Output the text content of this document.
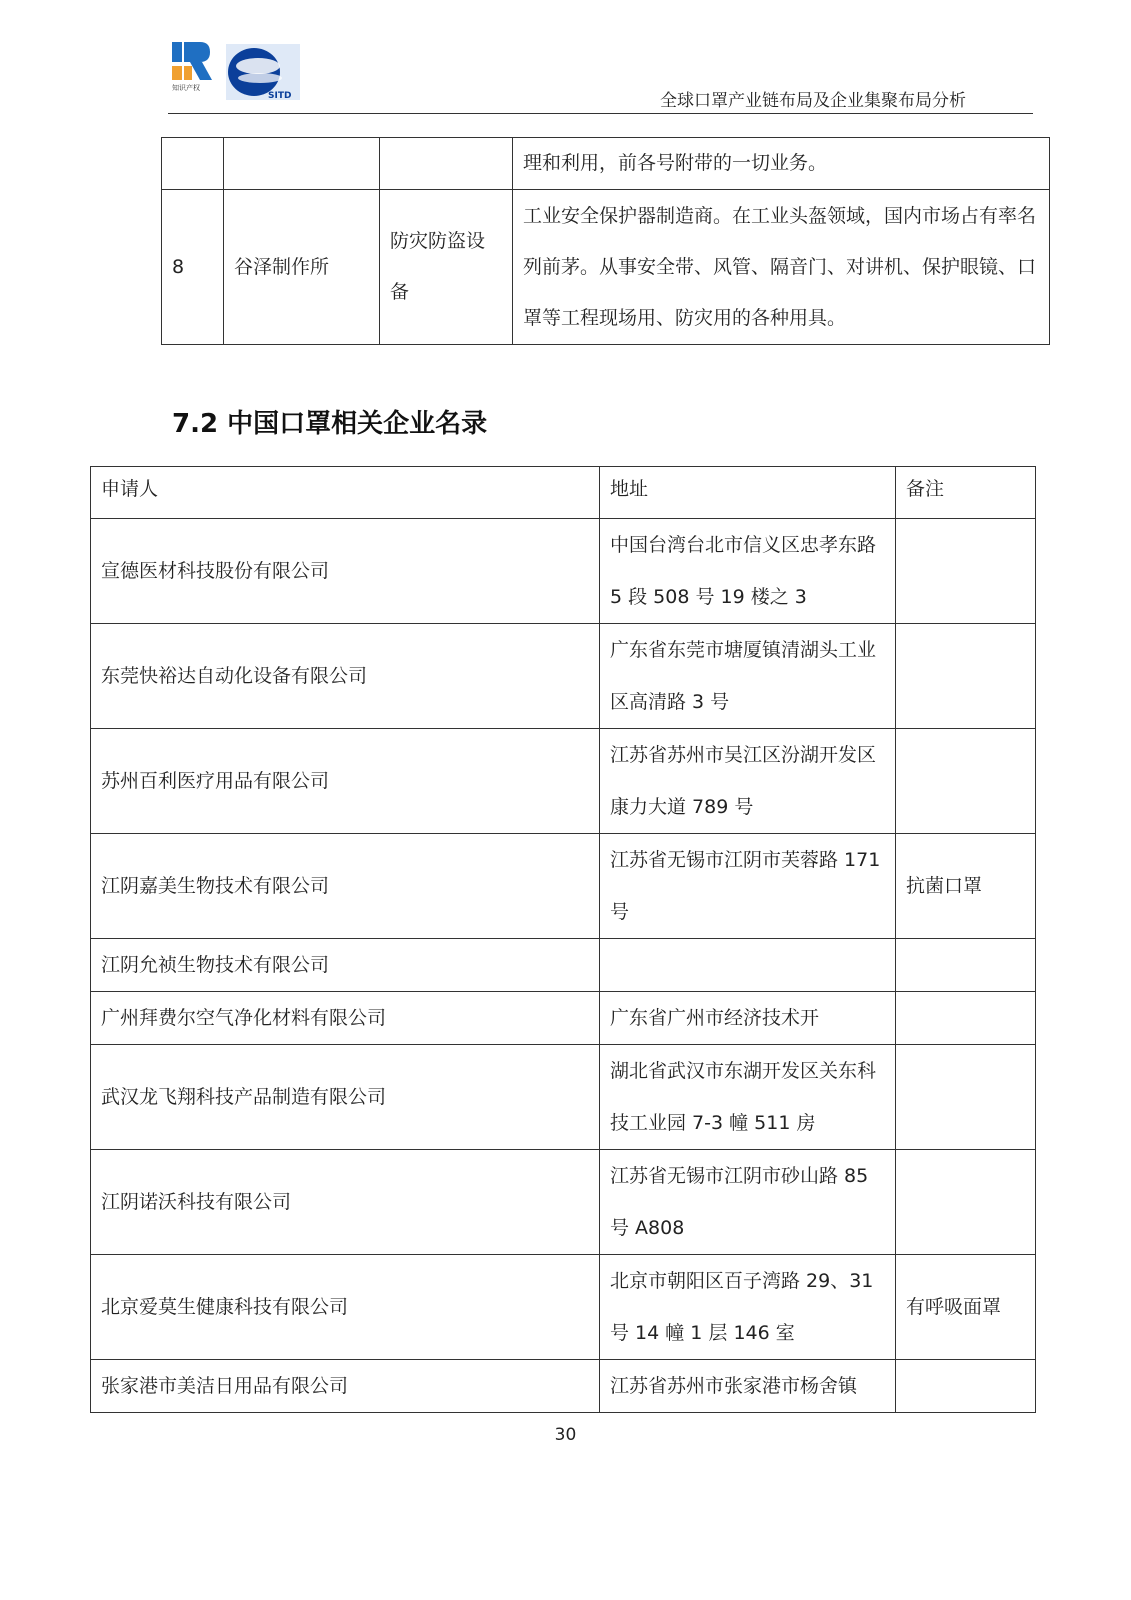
知识产权
SITD	全球口罩产业链布局及企业集聚布局分析
			理和利用，前各号附带的一切业务。
8	谷泽制作所	防灾防盗设备	工业安全保护器制造商。在工业头盔领域，国内市场占有率名列前茅。从事安全带、风管、隔音门、对讲机、保护眼镜、口罩等工程现场用、防灾用的各种用具。
7.2 中国口罩相关企业名录
申请人	地址	备注
宣德医材科技股份有限公司	中国台湾台北市信义区忠孝东路 5 段 508 号 19 楼之 3	
东莞快裕达自动化设备有限公司	广东省东莞市塘厦镇清湖头工业区高清路 3 号	
苏州百利医疗用品有限公司	江苏省苏州市吴江区汾湖开发区康力大道 789 号	
江阴嘉美生物技术有限公司	江苏省无锡市江阴市芙蓉路 171 号	抗菌口罩
江阴允祯生物技术有限公司		
广州拜费尔空气净化材料有限公司	广东省广州市经济技术开	
武汉龙飞翔科技产品制造有限公司	湖北省武汉市东湖开发区关东科技工业园 7-3 幢 511 房	
江阴诺沃科技有限公司	江苏省无锡市江阴市砂山路 85 号 A808	
北京爱莫生健康科技有限公司	北京市朝阳区百子湾路 29、31 号 14 幢 1 层 146 室	有呼吸面罩
张家港市美洁日用品有限公司	江苏省苏州市张家港市杨舍镇	
30
